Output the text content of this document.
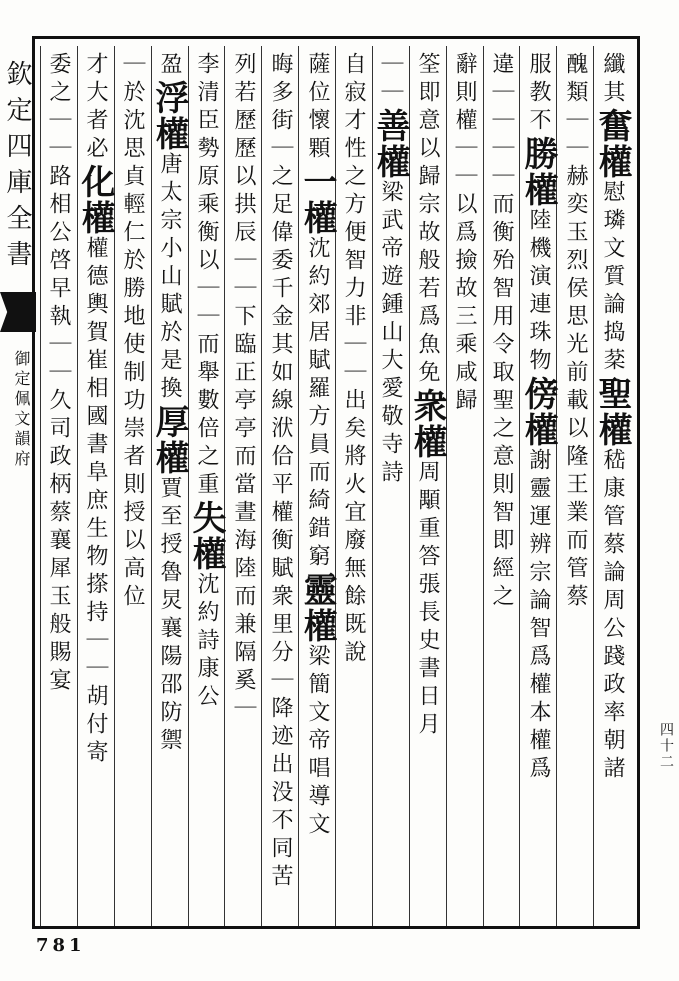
欽定四庫全書
御定佩文韻府
四十二
781
纖其奮權慰璘文質論捣棻聖權嵇康管蔡論周公踐政率朝諸
醜類｜｜赫奕玉烈侯思光前載以隆王業而管蔡
服教不勝權陸機演連珠物傍權謝靈運辨宗論智爲權本權爲
違｜｜｜｜而衡殆智用令取聖之意則智即經之
辭則權｜｜以爲撿故三乘咸歸
筌即意以歸宗故般若爲魚免衆權周顒重答張長史書日月
｜｜善權梁武帝遊鍾山大愛敬寺詩
自寂才性之方便智力非｜｜出矣將火宜廢無餘既說
薩位懷顆一權沈約郊居賦羅方員而綺錯窮靈權梁簡文帝唱導文
晦多街｜之足偉委千金其如線洑佮平權衡賦衆里分｜降迹出没不同苦
列若歷歷以拱辰｜｜下臨正亭亭而當晝海陸而兼隔奚｜
李清臣勢原乘衡以｜｜而舉數倍之重失權沈約詩康公
盈浮權唐太宗小山賦於是換厚權賈至授魯炅襄陽邵防禦
｜於沈思貞輕仁於勝地使制功崇者則授以高位
才大者必化權權德輿賀崔相國書阜庶生物搽持｜｜胡付寄
委之｜｜路相公啓早執｜｜久司政柄蔡襄犀玉般賜宴
